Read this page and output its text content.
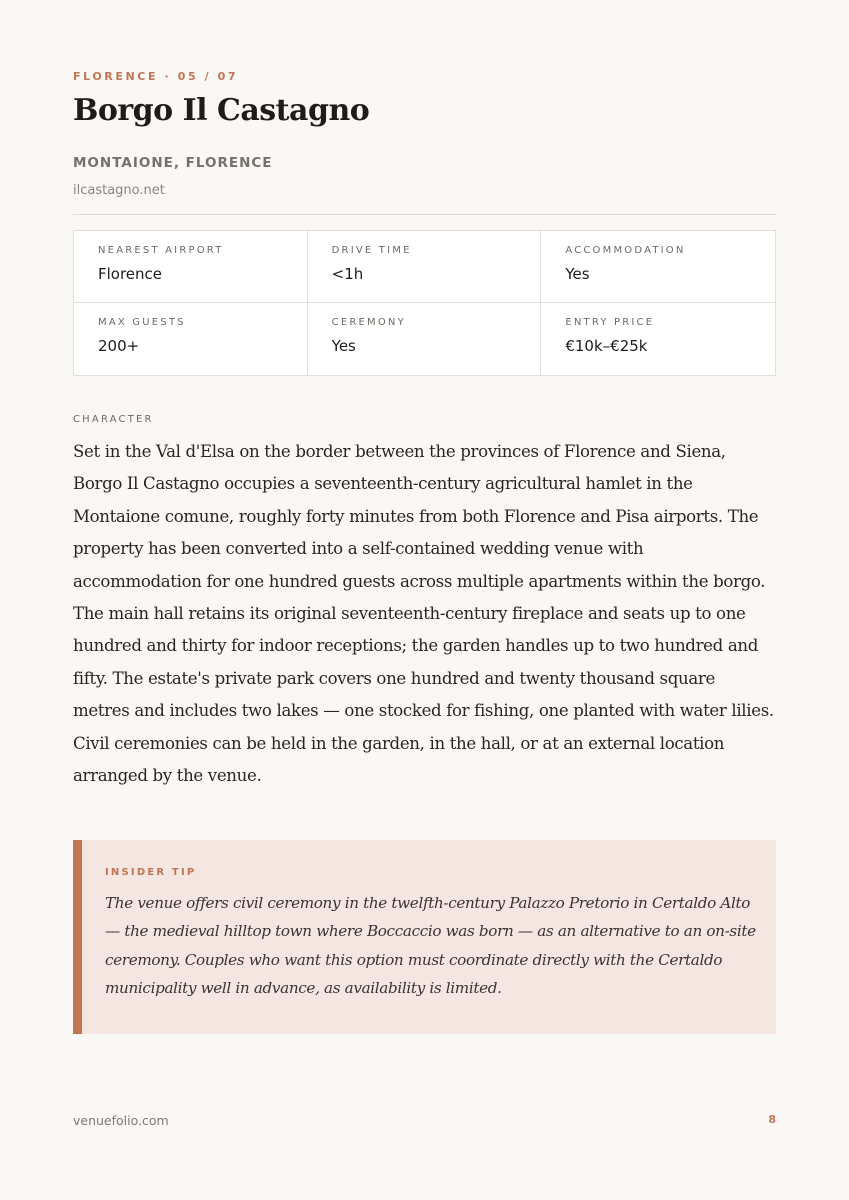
FLORENCE · 05 / 07
Borgo Il Castagno
MONTAIONE, FLORENCE
ilcastagno.net
NEAREST AIRPORT
Florence
DRIVE TIME
<1h
ACCOMMODATION
Yes
MAX GUESTS
200+
CEREMONY
Yes
ENTRY PRICE
€10k–€25k
CHARACTER

Set in the Val d'Elsa on the border between the provinces of Florence and Siena, Borgo Il Castagno occupies a seventeenth-century agricultural hamlet in the Montaione comune, roughly forty minutes from both Florence and Pisa airports. The property has been converted into a self-contained wedding venue with accommodation for one hundred guests across multiple apartments within the borgo. The main hall retains its original seventeenth-century fireplace and seats up to one hundred and thirty for indoor receptions; the garden handles up to two hundred and fifty. The estate's private park covers one hundred and twenty thousand square metres and includes two lakes — one stocked for fishing, one planted with water lilies. Civil ceremonies can be held in the garden, in the hall, or at an external location arranged by the venue.

INSIDER TIP

The venue offers civil ceremony in the twelfth-century Palazzo Pretorio in Certaldo Alto — the medieval hilltop town where Boccaccio was born — as an alternative to an on-site ceremony. Couples who want this option must coordinate directly with the Certaldo municipality well in advance, as availability is limited.

venuefolio.com	8
